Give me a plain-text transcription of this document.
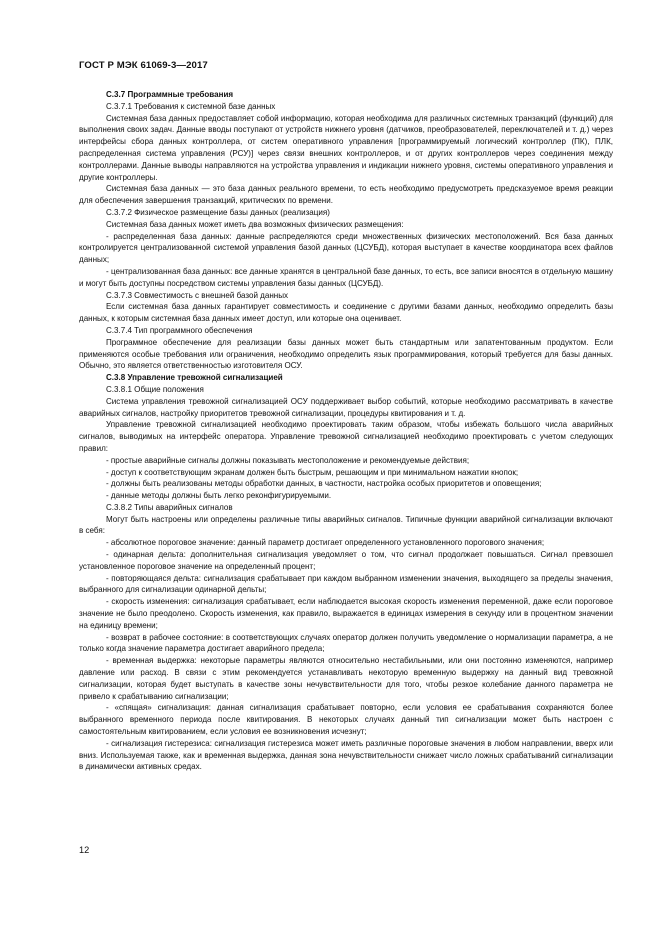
ГОСТ Р МЭК 61069-3—2017

С.3.7 Программные требования

С.3.7.1 Требования к системной базе данных

Системная база данных предоставляет собой информацию, которая необходима для различных системных транзакций (функций) для выполнения своих задач. Данные вводы поступают от устройств нижнего уровня (датчиков, преобразователей, переключателей и т. д.) через интерфейсы сбора данных контроллера, от систем оперативного управления [программируемый логический контроллер (ПК), ПЛК, распределенная система управления (РСУ)] через связи внешних контроллеров, и от других контроллеров через соединения между контроллерами. Данные выводы направляются на устройства управления и индикации нижнего уровня, системы оперативного управления и другие контроллеры.

Системная база данных — это база данных реального времени, то есть необходимо предусмотреть предсказуемое время реакции для обеспечения завершения транзакций, критических по времени.

С.3.7.2 Физическое размещение базы данных (реализация)

Системная база данных может иметь два возможных физических размещения:

- распределенная база данных: данные распределяются среди множественных физических местоположений. Вся база данных контролируется централизованной системой управления базой данных (ЦСУБД), которая выступает в качестве координатора всех файлов данных;

- централизованная база данных: все данные хранятся в центральной базе данных, то есть, все записи вносятся в отдельную машину и могут быть доступны посредством системы управления базы данных (ЦСУБД).

С.3.7.3 Совместимость с внешней базой данных

Если системная база данных гарантирует совместимость и соединение с другими базами данных, необходимо определить базы данных, к которым системная база данных имеет доступ, или которые она оценивает.

С.3.7.4 Тип программного обеспечения

Программное обеспечение для реализации базы данных может быть стандартным или запатентованным продуктом. Если применяются особые требования или ограничения, необходимо определить язык программирования, который требуется для базы данных. Обычно, это является ответственностью изготовителя ОСУ.

С.3.8 Управление тревожной сигнализацией

С.3.8.1 Общие положения

Система управления тревожной сигнализацией ОСУ поддерживает выбор событий, которые необходимо рассматривать в качестве аварийных сигналов, настройку приоритетов тревожной сигнализации, процедуры квитирования и т. д.

Управление тревожной сигнализацией необходимо проектировать таким образом, чтобы избежать большого числа аварийных сигналов, выводимых на интерфейс оператора. Управление тревожной сигнализацией необходимо проектировать с учетом следующих правил:

- простые аварийные сигналы должны показывать местоположение и рекомендуемые действия;

- доступ к соответствующим экранам должен быть быстрым, решающим и при минимальном нажатии кнопок;

- должны быть реализованы методы обработки данных, в частности, настройка особых приоритетов и оповещения;

- данные методы должны быть легко реконфигурируемыми.

С.3.8.2 Типы аварийных сигналов

Могут быть настроены или определены различные типы аварийных сигналов. Типичные функции аварийной сигнализации включают в себя:

- абсолютное пороговое значение: данный параметр достигает определенного установленного порогового значения;

- одинарная дельта: дополнительная сигнализация уведомляет о том, что сигнал продолжает повышаться. Сигнал превзошел установленное пороговое значение на определенный процент;

- повторяющаяся дельта: сигнализация срабатывает при каждом выбранном изменении значения, выходящего за пределы значения, выбранного для сигнализации одинарной дельты;

- скорость изменения: сигнализация срабатывает, если наблюдается высокая скорость изменения переменной, даже если пороговое значение не было преодолено. Скорость изменения, как правило, выражается в единицах измерения в секунду или в процентном значении на единицу времени;

- возврат в рабочее состояние: в соответствующих случаях оператор должен получить уведомление о нормализации параметра, а не только когда значение параметра достигает аварийного предела;

- временная выдержка: некоторые параметры являются относительно нестабильными, или они постоянно изменяются, например давление или расход. В связи с этим рекомендуется устанавливать некоторую временную выдержку на данный вид тревожной сигнализации, которая будет выступать в качестве зоны нечувствительности для того, чтобы резкое колебание данного параметра не привело к срабатыванию сигнализации;

- «спящая» сигнализация: данная сигнализация срабатывает повторно, если условия ее срабатывания сохраняются более выбранного временного периода после квитирования. В некоторых случаях данный тип сигнализации может быть настроен с самостоятельным квитированием, если условия ее возникновения исчезнут;

- сигнализация гистерезиса: сигнализация гистерезиса может иметь различные пороговые значения в любом направлении, вверх или вниз. Используемая также, как и временная выдержка, данная зона нечувствительности снижает число ложных срабатываний сигнализации в динамически активных средах.

12
